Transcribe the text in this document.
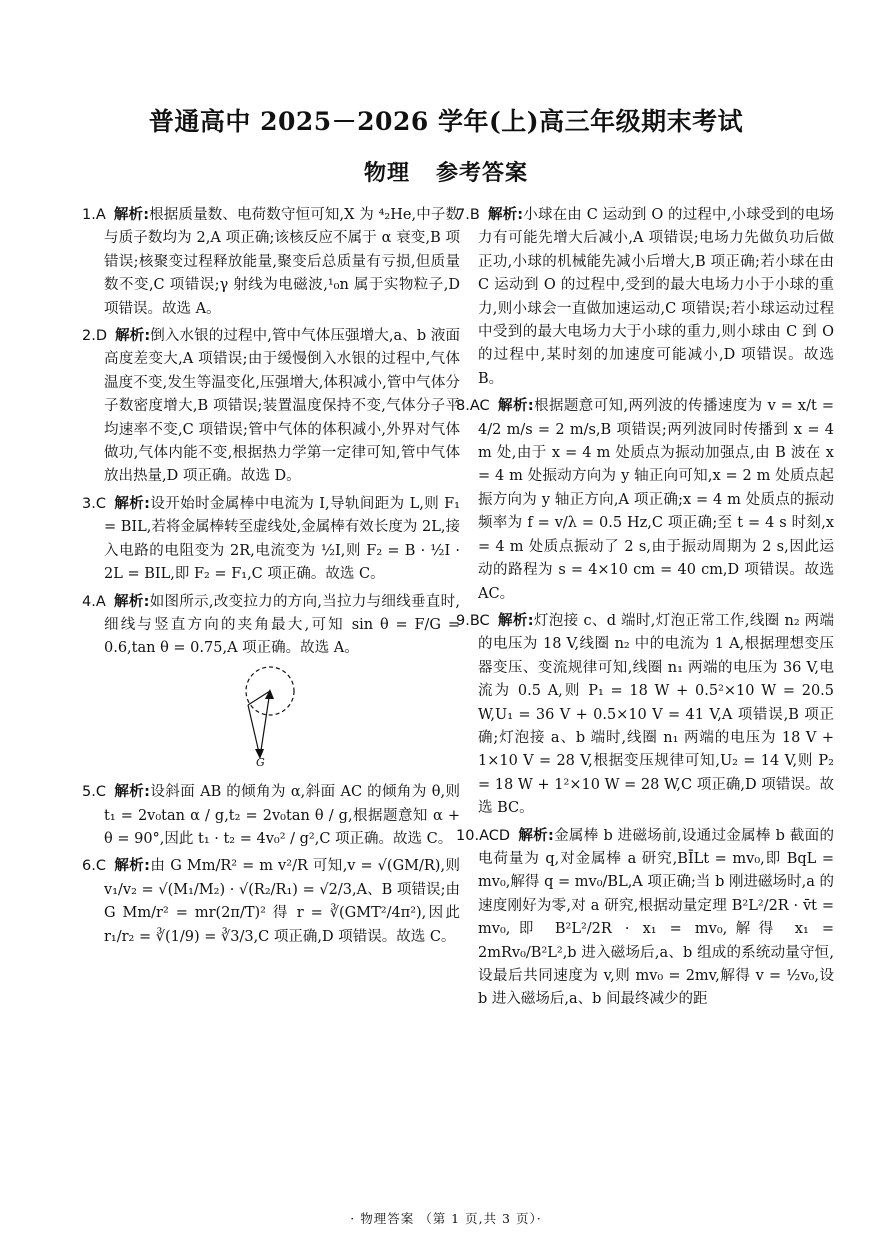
普通高中 2025－2026 学年(上)高三年级期末考试
物理 参考答案
1.A 解析:根据质量数、电荷数守恒可知,X 为 ⁴₂He,中子数与质子数均为 2,A 项正确;该核反应不属于 α 衰变,B 项错误;核聚变过程释放能量,聚变后总质量有亏损,但质量数不变,C 项错误;γ 射线为电磁波,¹₀n 属于实物粒子,D 项错误。故选 A。
2.D 解析:倒入水银的过程中,管中气体压强增大,a、b 液面高度差变大,A 项错误;由于缓慢倒入水银的过程中,气体温度不变,发生等温变化,压强增大,体积减小,管中气体分子数密度增大,B 项错误;装置温度保持不变,气体分子平均速率不变,C 项错误;管中气体的体积减小,外界对气体做功,气体内能不变,根据热力学第一定律可知,管中气体放出热量,D 项正确。故选 D。
3.C 解析:设开始时金属棒中电流为 I,导轨间距为 L,则 F₁ = BIL,若将金属棒转至虚线处,金属棒有效长度为 2L,接入电路的电阻变为 2R,电流变为 ½I,则 F₂ = B · ½I · 2L = BIL,即 F₂ = F₁,C 项正确。故选 C。
4.A 解析:如图所示,改变拉力的方向,当拉力与细线垂直时,细线与竖直方向的夹角最大,可知 sin θ = F/G = 0.6,tan θ = 0.75,A 项正确。故选 A。
G
5.C 解析:设斜面 AB 的倾角为 α,斜面 AC 的倾角为 θ,则 t₁ = 2v₀tan α / g,t₂ = 2v₀tan θ / g,根据题意知 α + θ = 90°,因此 t₁ · t₂ = 4v₀² / g²,C 项正确。故选 C。
6.C 解析:由 G Mm/R² = m v²/R 可知,v = √(GM/R),则 v₁/v₂ = √(M₁/M₂) · √(R₂/R₁) = √2/3,A、B 项错误;由 G Mm/r² = mr(2π/T)² 得 r = ∛(GMT²/4π²),因此 r₁/r₂ = ∛(1/9) = ∛3/3,C 项正确,D 项错误。故选 C。
7.B 解析:小球在由 C 运动到 O 的过程中,小球受到的电场力有可能先增大后减小,A 项错误;电场力先做负功后做正功,小球的机械能先减小后增大,B 项正确;若小球在由 C 运动到 O 的过程中,受到的最大电场力小于小球的重力,则小球会一直做加速运动,C 项错误;若小球运动过程中受到的最大电场力大于小球的重力,则小球由 C 到 O 的过程中,某时刻的加速度可能减小,D 项错误。故选 B。
8.AC 解析:根据题意可知,两列波的传播速度为 v = x/t = 4/2 m/s = 2 m/s,B 项错误;两列波同时传播到 x = 4 m 处,由于 x = 4 m 处质点为振动加强点,由 B 波在 x = 4 m 处振动方向为 y 轴正向可知,x = 2 m 处质点起振方向为 y 轴正方向,A 项正确;x = 4 m 处质点的振动频率为 f = v/λ = 0.5 Hz,C 项正确;至 t = 4 s 时刻,x = 4 m 处质点振动了 2 s,由于振动周期为 2 s,因此运动的路程为 s = 4×10 cm = 40 cm,D 项错误。故选 AC。
9.BC 解析:灯泡接 c、d 端时,灯泡正常工作,线圈 n₂ 两端的电压为 18 V,线圈 n₂ 中的电流为 1 A,根据理想变压器变压、变流规律可知,线圈 n₁ 两端的电压为 36 V,电流为 0.5 A,则 P₁ = 18 W + 0.5²×10 W = 20.5 W,U₁ = 36 V + 0.5×10 V = 41 V,A 项错误,B 项正确;灯泡接 a、b 端时,线圈 n₁ 两端的电压为 18 V + 1×10 V = 28 V,根据变压规律可知,U₂ = 14 V,则 P₂ = 18 W + 1²×10 W = 28 W,C 项正确,D 项错误。故选 BC。
10.ACD 解析:金属棒 b 进磁场前,设通过金属棒 b 截面的电荷量为 q,对金属棒 a 研究,BĪLt = mv₀,即 BqL = mv₀,解得 q = mv₀/BL,A 项正确;当 b 刚进磁场时,a 的速度刚好为零,对 a 研究,根据动量定理 B²L²/2R · v̄t = mv₀,即 B²L²/2R · x₁ = mv₀,解得 x₁ = 2mRv₀/B²L²,b 进入磁场后,a、b 组成的系统动量守恒,设最后共同速度为 v,则 mv₀ = 2mv,解得 v = ½v₀,设 b 进入磁场后,a、b 间最终减少的距
· 物理答案 （第 1 页,共 3 页）·
